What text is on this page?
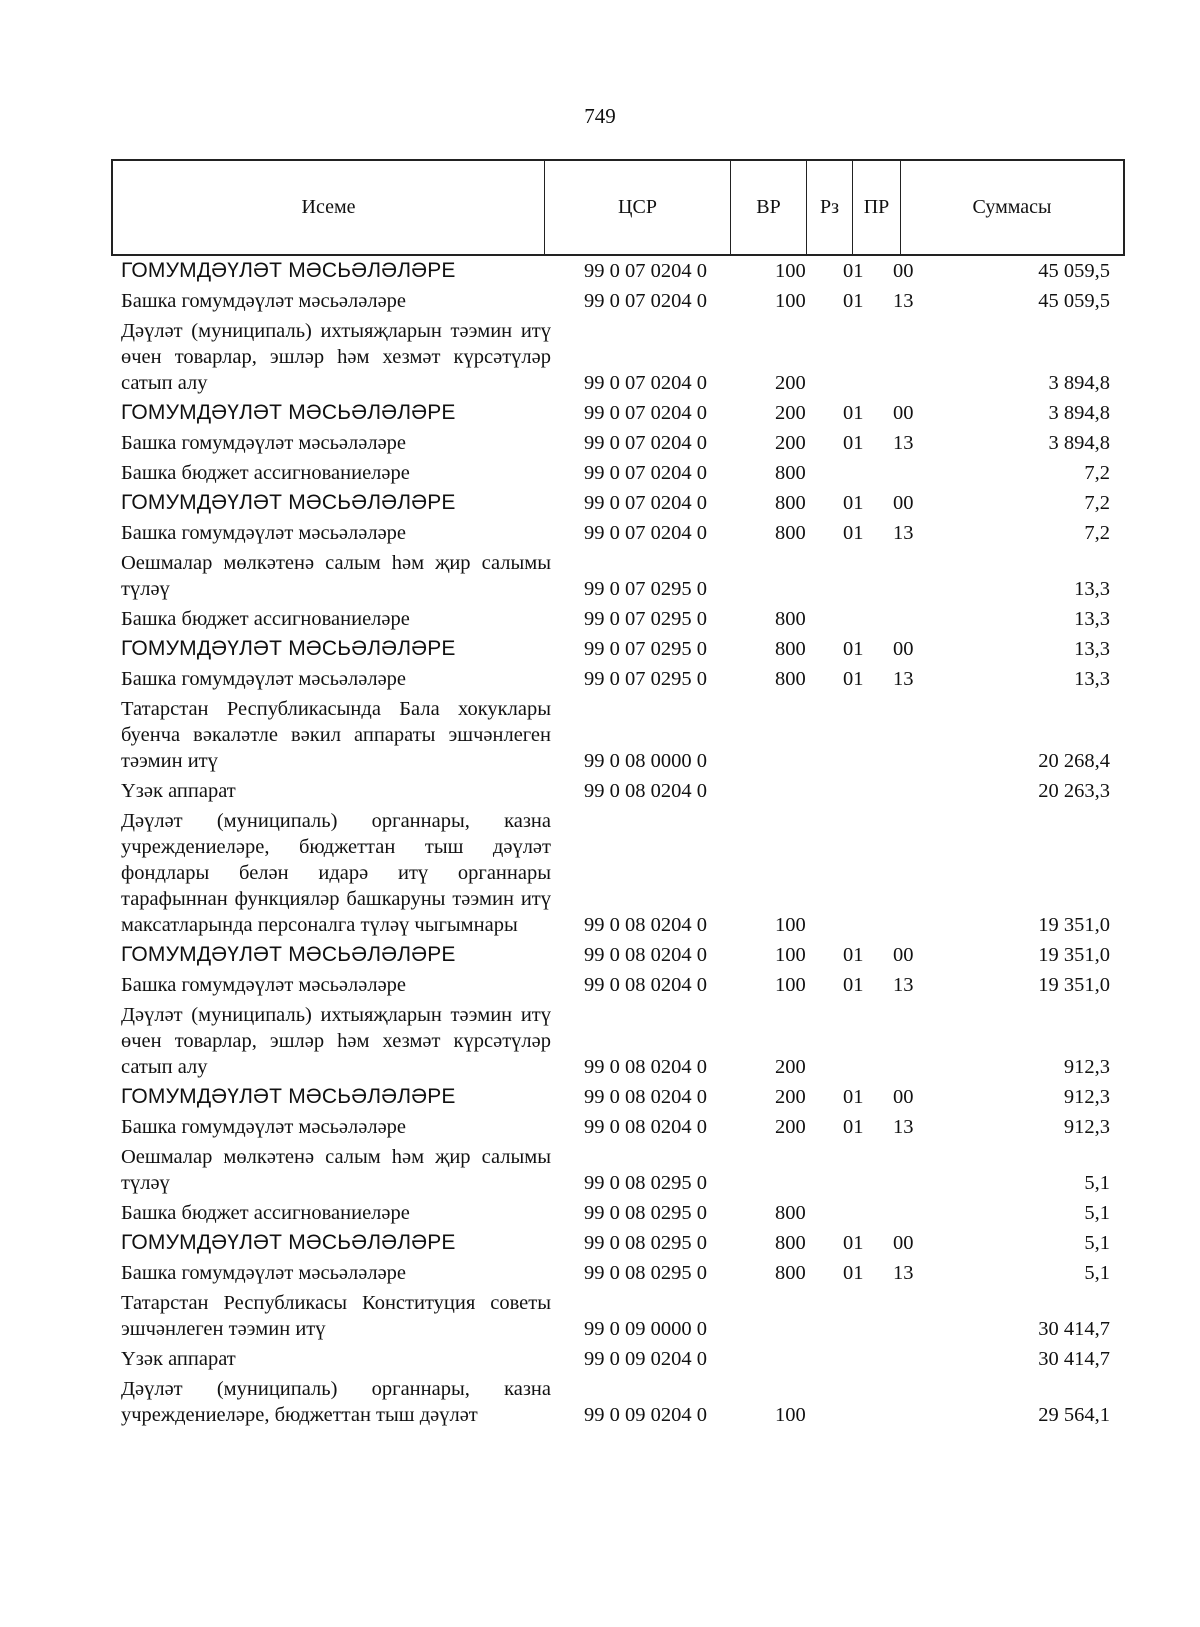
749
Исеме	ЦСР	ВР	Рз	ПР	Суммасы
ГОМУМДӘҮЛӘТ МӘСЬӘЛӘЛӘРЕ	99 0 07 0204 0	100 01 00	45 059,5
Башка гомумдәүләт мәсьәләләре	99 0 07 0204 0	100 01 13	45 059,5
Дәүләт (муниципаль) ихтыяҗларын тәэмин итү өчен товарлар, эшләр һәм хезмәт күрсәтүләр сатып алу	99 0 07 0204 0	200	3 894,8
ГОМУМДӘҮЛӘТ МӘСЬӘЛӘЛӘРЕ	99 0 07 0204 0	200 01 00	3 894,8
Башка гомумдәүләт мәсьәләләре	99 0 07 0204 0	200 01 13	3 894,8
Башка бюджет ассигнованиеләре	99 0 07 0204 0	800	7,2
ГОМУМДӘҮЛӘТ МӘСЬӘЛӘЛӘРЕ	99 0 07 0204 0	800 01 00	7,2
Башка гомумдәүләт мәсьәләләре	99 0 07 0204 0	800 01 13	7,2
Оешмалар мөлкәтенә салым һәм җир салымы түләү	99 0 07 0295 0	13,3
Башка бюджет ассигнованиеләре	99 0 07 0295 0	800	13,3
ГОМУМДӘҮЛӘТ МӘСЬӘЛӘЛӘРЕ	99 0 07 0295 0	800 01 00	13,3
Башка гомумдәүләт мәсьәләләре	99 0 07 0295 0	800 01 13	13,3
Татарстан Республикасында Бала хокуклары буенча вәкаләтле вәкил аппараты эшчәнлеген тәэмин итү	99 0 08 0000 0	20 268,4
Үзәк аппарат	99 0 08 0204 0	20 263,3
Дәүләт (муниципаль) органнары, казна учреждениеләре, бюджеттан тыш дәүләт фондлары белән идарә итү органнары тарафыннан функцияләр башкаруны тәэмин итү максатларында персоналга түләү чыгымнары	99 0 08 0204 0	100	19 351,0
ГОМУМДӘҮЛӘТ МӘСЬӘЛӘЛӘРЕ	99 0 08 0204 0	100 01 00	19 351,0
Башка гомумдәүләт мәсьәләләре	99 0 08 0204 0	100 01 13	19 351,0
Дәүләт (муниципаль) ихтыяҗларын тәэмин итү өчен товарлар, эшләр һәм хезмәт күрсәтүләр сатып алу	99 0 08 0204 0	200	912,3
ГОМУМДӘҮЛӘТ МӘСЬӘЛӘЛӘРЕ	99 0 08 0204 0	200 01 00	912,3
Башка гомумдәүләт мәсьәләләре	99 0 08 0204 0	200 01 13	912,3
Оешмалар мөлкәтенә салым һәм җир салымы түләү	99 0 08 0295 0	5,1
Башка бюджет ассигнованиеләре	99 0 08 0295 0	800	5,1
ГОМУМДӘҮЛӘТ МӘСЬӘЛӘЛӘРЕ	99 0 08 0295 0	800 01 00	5,1
Башка гомумдәүләт мәсьәләләре	99 0 08 0295 0	800 01 13	5,1
Татарстан Республикасы Конституция советы эшчәнлеген тәэмин итү	99 0 09 0000 0	30 414,7
Үзәк аппарат	99 0 09 0204 0	30 414,7
Дәүләт (муниципаль) органнары, казна учреждениеләре, бюджеттан тыш дәүләт	99 0 09 0204 0	100	29 564,1
